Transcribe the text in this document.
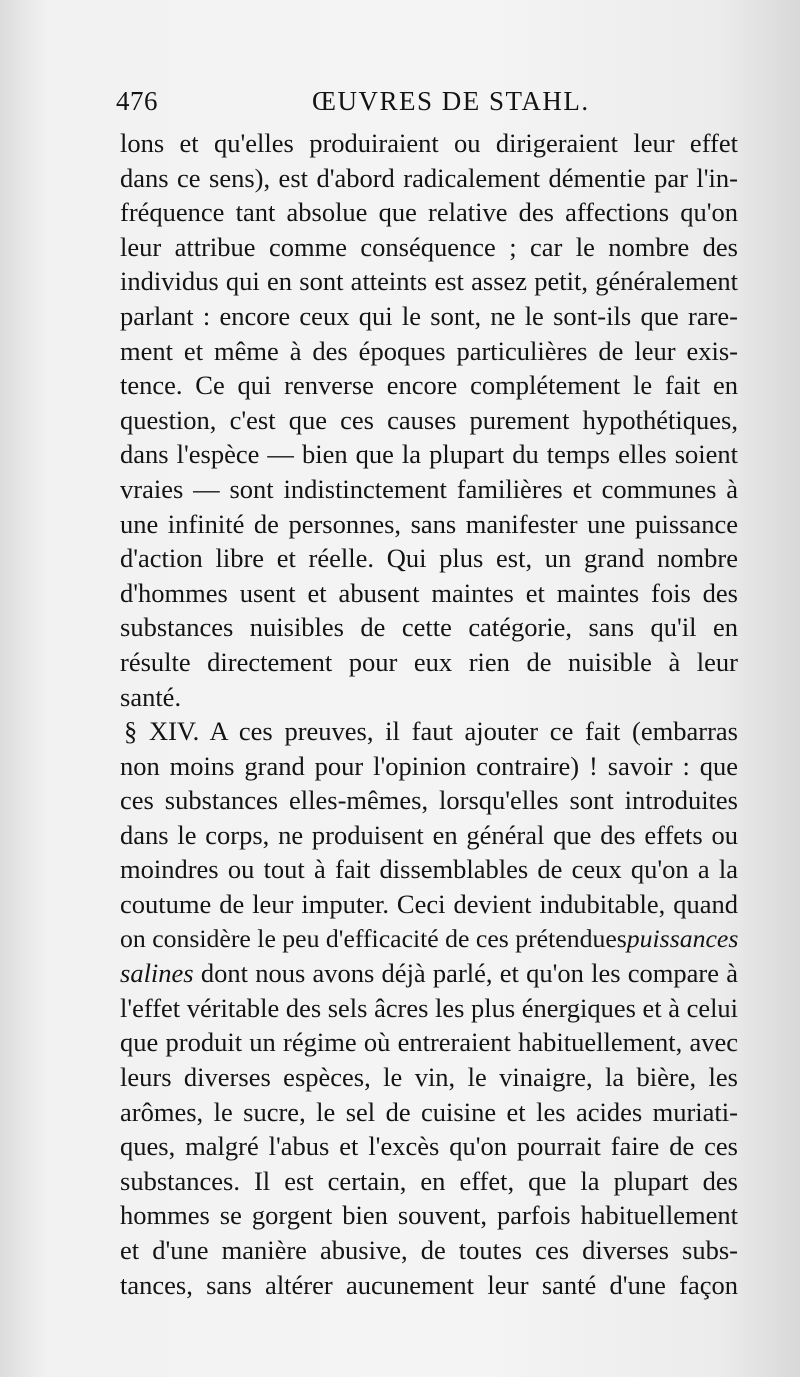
476	ŒUVRES DE STAHL.
lons et qu'elles produiraient ou dirigeraient leur effet
dans ce sens), est d'abord radicalement démentie par l'in-
fréquence tant absolue que relative des affections qu'on
leur attribue comme conséquence ; car le nombre des
individus qui en sont atteints est assez petit, généralement
parlant : encore ceux qui le sont, ne le sont-ils que rare-
ment et même à des époques particulières de leur exis-
tence. Ce qui renverse encore complétement le fait en
question, c'est que ces causes purement hypothétiques,
dans l'espèce — bien que la plupart du temps elles soient
vraies — sont indistinctement familières et communes à
une infinité de personnes, sans manifester une puissance
d'action libre et réelle. Qui plus est, un grand nombre
d'hommes usent et abusent maintes et maintes fois des
substances nuisibles de cette catégorie, sans qu'il en
résulte directement pour eux rien de nuisible à leur
santé.
§ XIV. A ces preuves, il faut ajouter ce fait (embarras
non moins grand pour l'opinion contraire) ! savoir : que
ces substances elles-mêmes, lorsqu'elles sont introduites
dans le corps, ne produisent en général que des effets ou
moindres ou tout à fait dissemblables de ceux qu'on a la
coutume de leur imputer. Ceci devient indubitable, quand
on considère le peu d'efficacité de ces prétenduespuissances
salines dont nous avons déjà parlé, et qu'on les compare à
l'effet véritable des sels âcres les plus énergiques et à celui
que produit un régime où entreraient habituellement, avec
leurs diverses espèces, le vin, le vinaigre, la bière, les
arômes, le sucre, le sel de cuisine et les acides muriati-
ques, malgré l'abus et l'excès qu'on pourrait faire de ces
substances. Il est certain, en effet, que la plupart des
hommes se gorgent bien souvent, parfois habituellement
et d'une manière abusive, de toutes ces diverses subs-
tances, sans altérer aucunement leur santé d'une façon
